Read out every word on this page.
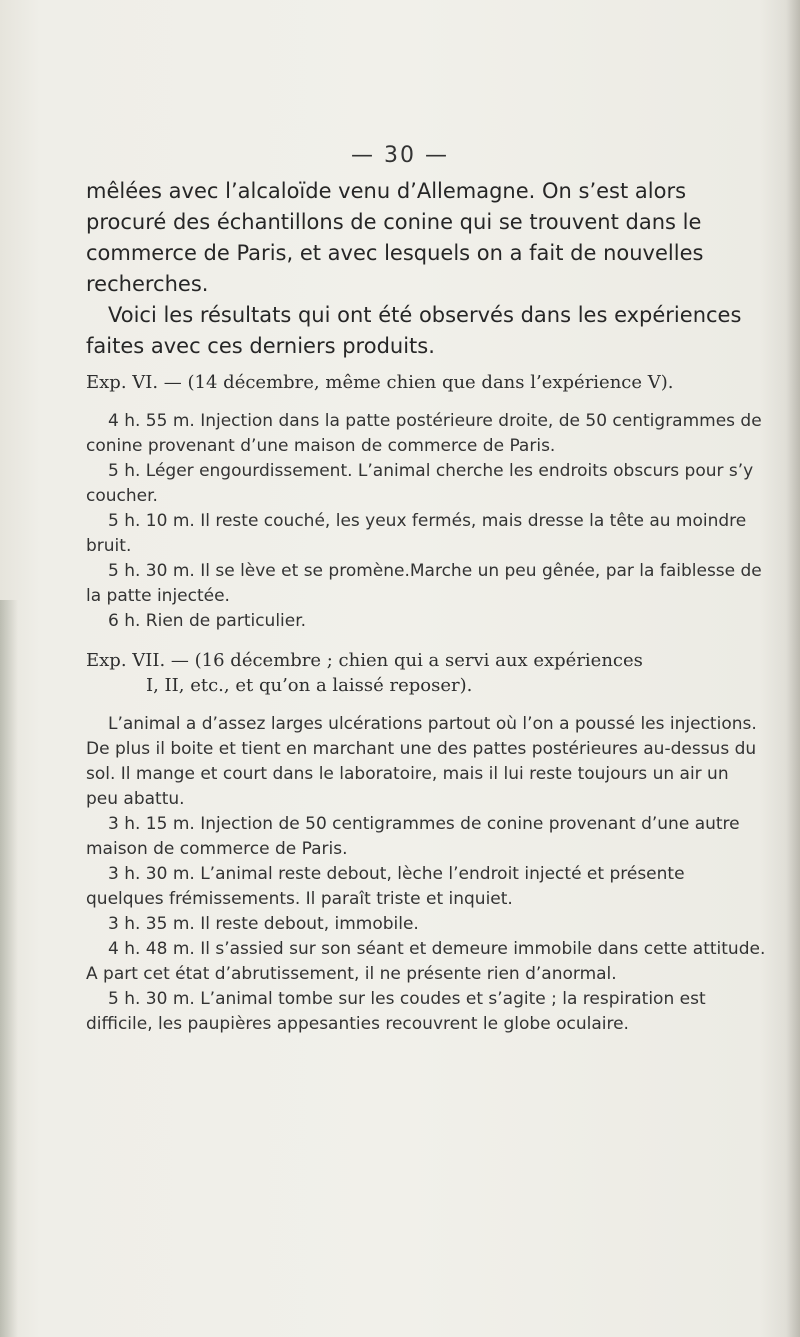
— 30 —

mêlées avec l’alcaloïde venu d’Allemagne. On s’est alors procuré des échantillons de conine qui se trouvent dans le commerce de Paris, et avec lesquels on a fait de nouvelles recherches.

Voici les résultats qui ont été observés dans les expériences faites avec ces derniers produits.

Exp. VI. — (14 décembre, même chien que dans l’expérience V).

4 h. 55 m. Injection dans la patte postérieure droite, de 50 centigrammes de conine provenant d’une maison de commerce de Paris.

5 h. Léger engourdissement. L’animal cherche les endroits obscurs pour s’y coucher.

5 h. 10 m. Il reste couché, les yeux fermés, mais dresse la tête au moindre bruit.

5 h. 30 m. Il se lève et se promène.Marche un peu gênée, par la faiblesse de la patte injectée.

6 h. Rien de particulier.

Exp. VII. — (16 décembre ; chien qui a servi aux expériences

I, II, etc., et qu’on a laissé reposer).

L’animal a d’assez larges ulcérations partout où l’on a poussé les injections. De plus il boite et tient en marchant une des pattes postérieures au-dessus du sol. Il mange et court dans le laboratoire, mais il lui reste toujours un air un peu abattu.

3 h. 15 m. Injection de 50 centigrammes de conine provenant d’une autre maison de commerce de Paris.

3 h. 30 m. L’animal reste debout, lèche l’endroit injecté et présente quelques frémissements. Il paraît triste et inquiet.

3 h. 35 m. Il reste debout, immobile.

4 h. 48 m. Il s’assied sur son séant et demeure immobile dans cette attitude. A part cet état d’abrutissement, il ne présente rien d’anormal.

5 h. 30 m. L’animal tombe sur les coudes et s’agite ; la respiration est difficile, les paupières appesanties recouvrent le globe oculaire.
